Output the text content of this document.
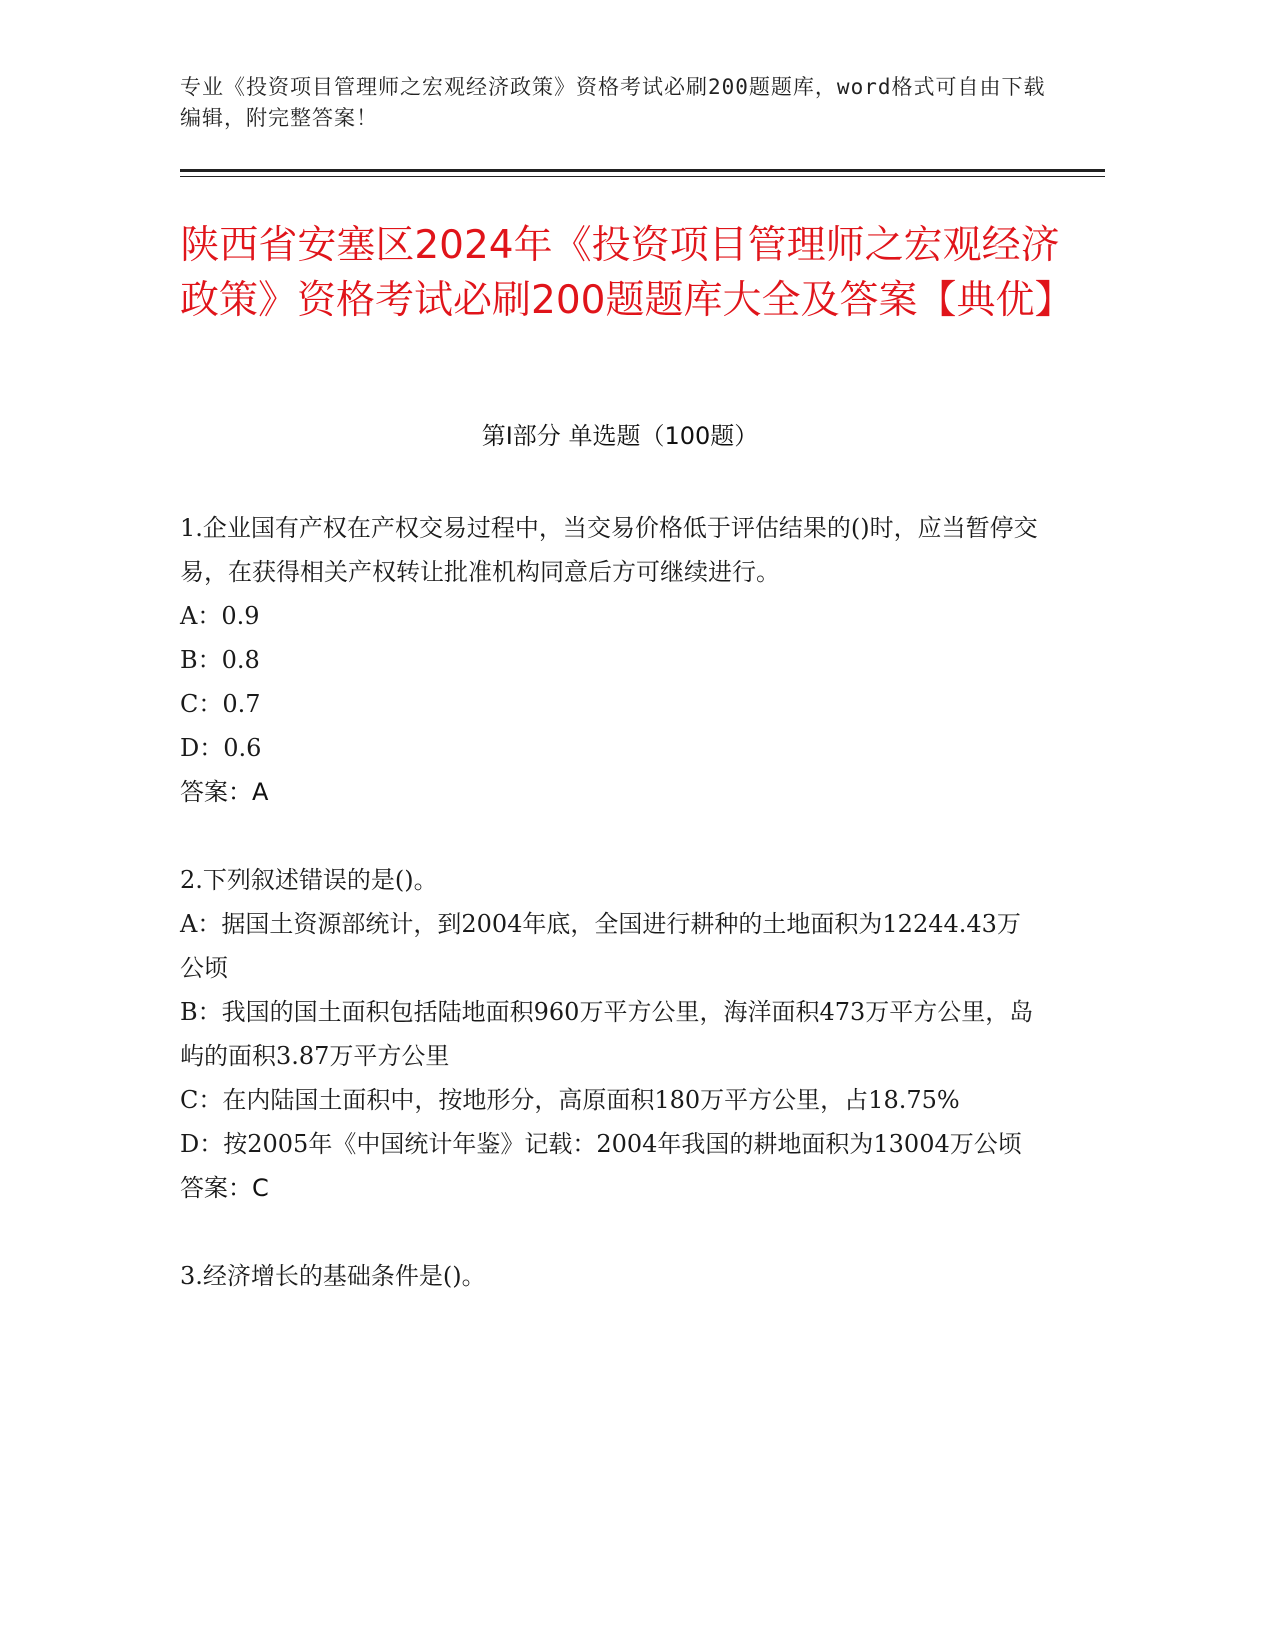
专业《投资项目管理师之宏观经济政策》资格考试必刷200题题库，word格式可自由下载编辑，附完整答案！
陕西省安塞区2024年《投资项目管理师之宏观经济政策》资格考试必刷200题题库大全及答案【典优】
第I部分 单选题（100题）

1.企业国有产权在产权交易过程中，当交易价格低于评估结果的()时，应当暂停交易，在获得相关产权转让批准机构同意后方可继续进行。

A：0.9

B：0.8

C：0.7

D：0.6

答案：A

2.下列叙述错误的是()。

A：据国土资源部统计，到2004年底，全国进行耕种的土地面积为12244.43万公顷

B：我国的国土面积包括陆地面积960万平方公里，海洋面积473万平方公里，岛屿的面积3.87万平方公里

C：在内陆国土面积中，按地形分，高原面积180万平方公里，占18.75%

D：按2005年《中国统计年鉴》记载：2004年我国的耕地面积为13004万公顷

答案：C

3.经济增长的基础条件是()。
